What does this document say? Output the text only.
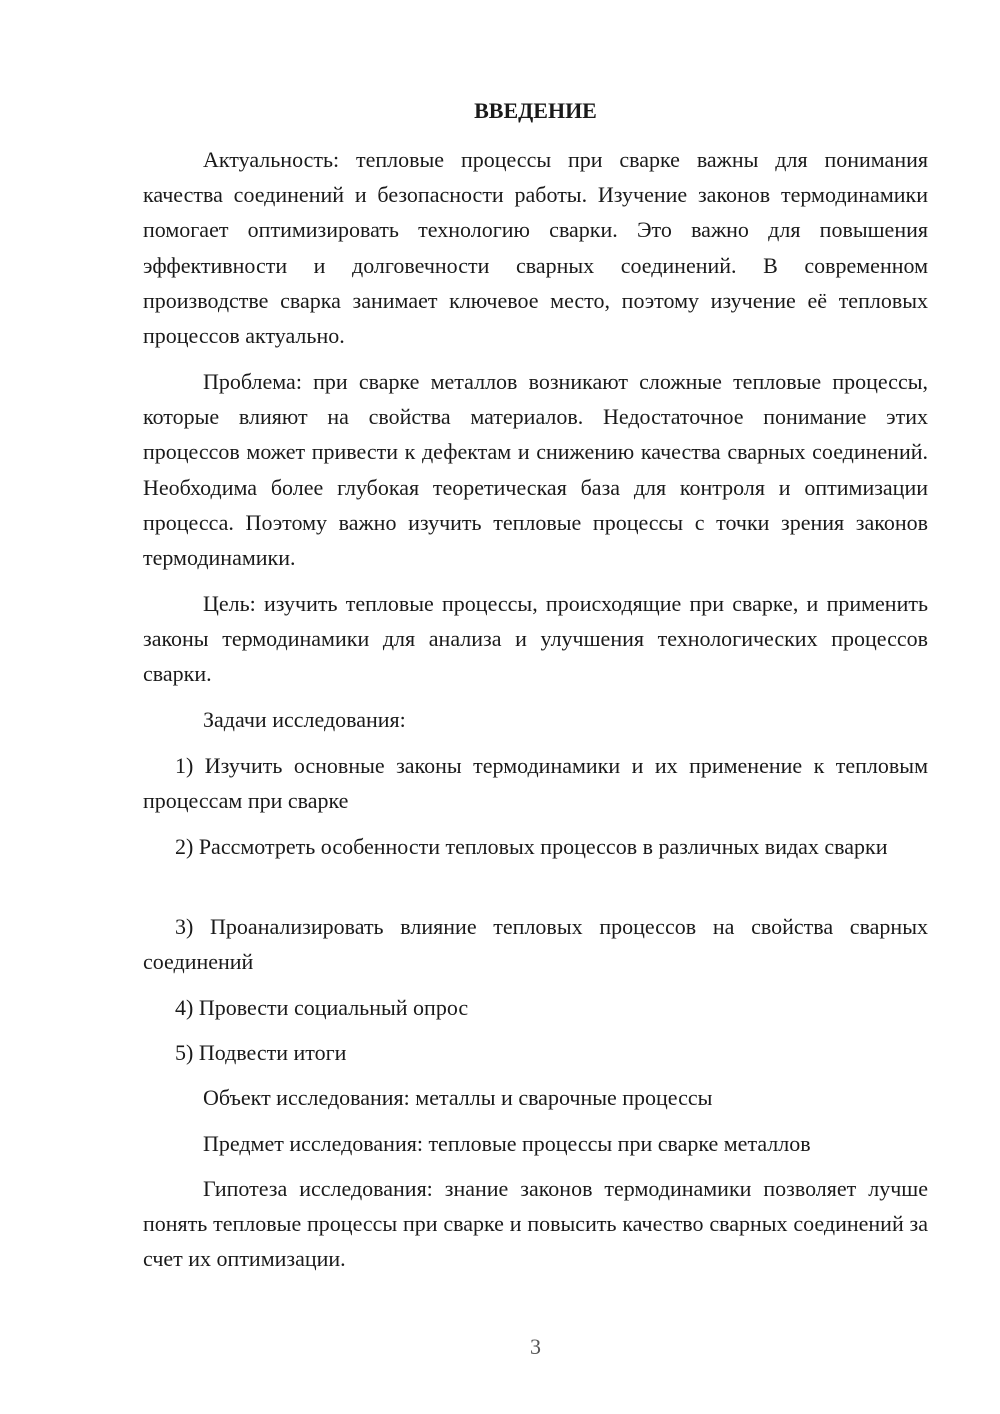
ВВЕДЕНИЕ

Актуальность: тепловые процессы при сварке важны для понимания качества соединений и безопасности работы. Изучение законов термодинамики помогает оптимизировать технологию сварки. Это важно для повышения эффективности и долговечности сварных соединений. В современном производстве сварка занимает ключевое место, поэтому изучение её тепловых процессов актуально.

Проблема: при сварке металлов возникают сложные тепловые процессы, которые влияют на свойства материалов. Недостаточное понимание этих процессов может привести к дефектам и снижению качества сварных соединений. Необходима более глубокая теоретическая база для контроля и оптимизации процесса. Поэтому важно изучить тепловые процессы с точки зрения законов термодинамики.

Цель: изучить тепловые процессы, происходящие при сварке, и применить законы термодинамики для анализа и улучшения технологических процессов сварки.

Задачи исследования:

1) Изучить основные законы термодинамики и их применение к тепловым процессам при сварке

2) Рассмотреть особенности тепловых процессов в различных видах сварки

3) Проанализировать влияние тепловых процессов на свойства сварных соединений

4) Провести социальный опрос

5) Подвести итоги

Объект исследования: металлы и сварочные процессы

Предмет исследования: тепловые процессы при сварке металлов

Гипотеза исследования: знание законов термодинамики позволяет лучше понять тепловые процессы при сварке и повысить качество сварных соединений за счет их оптимизации.

3
